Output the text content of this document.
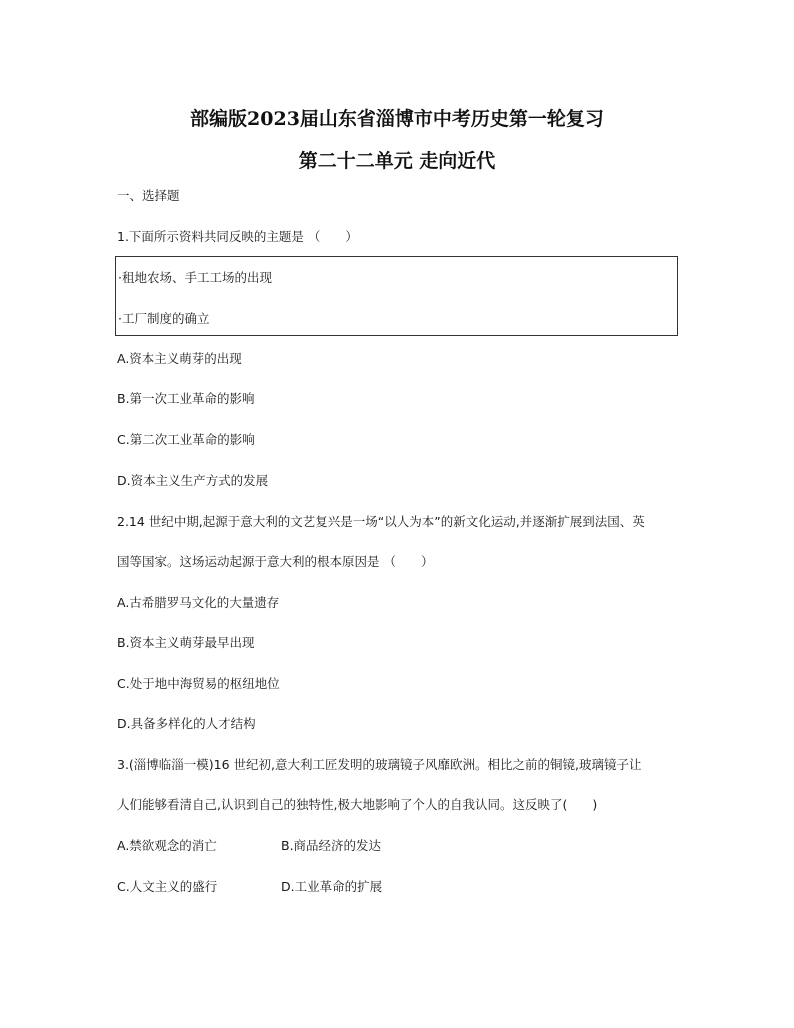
部编版2023届山东省淄博市中考历史第一轮复习
第二十二单元 走向近代
一、选择题
1.下面所示资料共同反映的主题是 （　　）
·租地农场、手工工场的出现
·工厂制度的确立
A.资本主义萌芽的出现
B.第一次工业革命的影响
C.第二次工业革命的影响
D.资本主义生产方式的发展
2.14 世纪中期,起源于意大利的文艺复兴是一场“以人为本”的新文化运动,并逐渐扩展到法国、英
国等国家。这场运动起源于意大利的根本原因是 （　　）
A.古希腊罗马文化的大量遗存
B.资本主义萌芽最早出现
C.处于地中海贸易的枢纽地位
D.具备多样化的人才结构
3.(淄博临淄一模)16 世纪初,意大利工匠发明的玻璃镜子风靡欧洲。相比之前的铜镜,玻璃镜子让
人们能够看清自己,认识到自己的独特性,极大地影响了个人的自我认同。这反映了(　　)
A.禁欲观念的消亡	B.商品经济的发达
C.人文主义的盛行	D.工业革命的扩展
